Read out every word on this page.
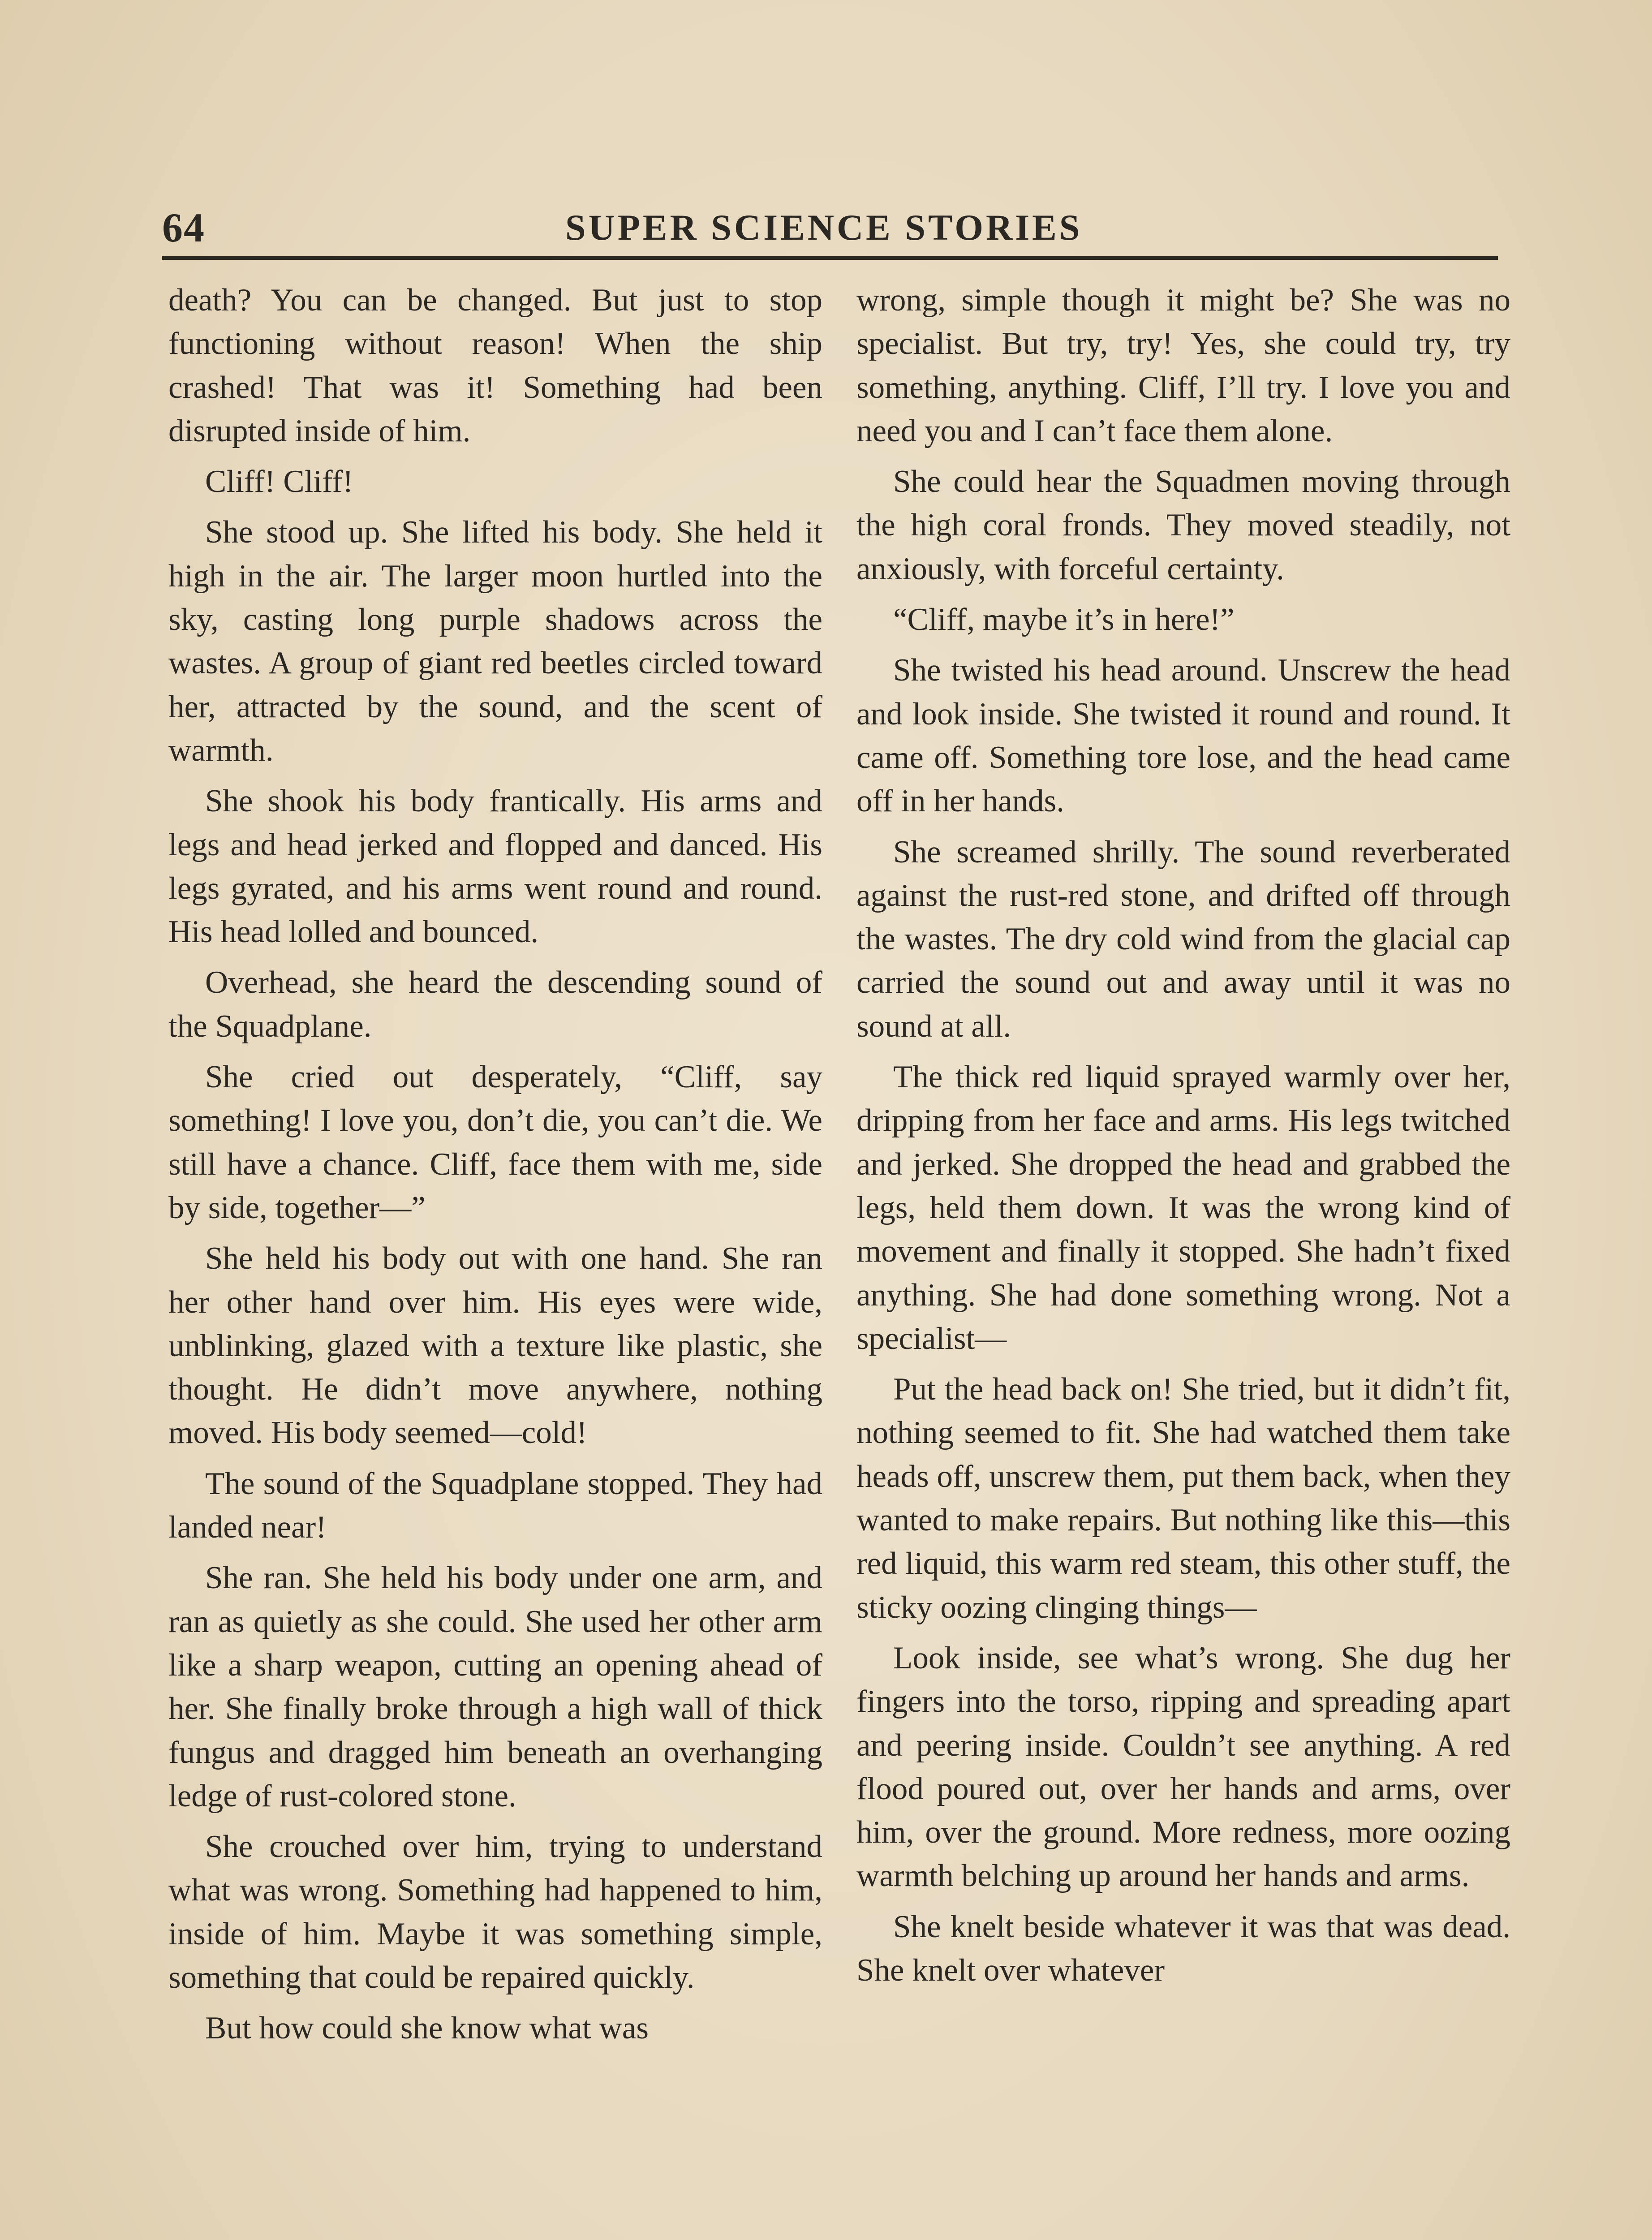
64	SUPER SCIENCE STORIES

death? You can be changed. But just to stop functioning without reason! When the ship crashed! That was it! Something had been disrupted inside of him.

Cliff! Cliff!

She stood up. She lifted his body. She held it high in the air. The larger moon hurtled into the sky, casting long purple shadows across the wastes. A group of giant red beetles circled toward her, attracted by the sound, and the scent of warmth.

She shook his body frantically. His arms and legs and head jerked and flopped and danced. His legs gyrated, and his arms went round and round. His head lolled and bounced.

Overhead, she heard the descending sound of the Squadplane.

She cried out desperately, “Cliff, say something! I love you, don’t die, you can’t die. We still have a chance. Cliff, face them with me, side by side, together—”

She held his body out with one hand. She ran her other hand over him. His eyes were wide, unblinking, glazed with a texture like plastic, she thought. He didn’t move anywhere, nothing moved. His body seemed—cold!

The sound of the Squadplane stopped. They had landed near!

She ran. She held his body under one arm, and ran as quietly as she could. She used her other arm like a sharp weapon, cutting an opening ahead of her. She finally broke through a high wall of thick fungus and dragged him beneath an overhanging ledge of rust-colored stone.

She crouched over him, trying to understand what was wrong. Something had happened to him, inside of him. Maybe it was something simple, something that could be repaired quickly.

But how could she know what was

wrong, simple though it might be? She was no specialist. But try, try! Yes, she could try, try something, anything. Cliff, I’ll try. I love you and need you and I can’t face them alone.

She could hear the Squadmen moving through the high coral fronds. They moved steadily, not anxiously, with forceful certainty.

“Cliff, maybe it’s in here!”

She twisted his head around. Unscrew the head and look inside. She twisted it round and round. It came off. Something tore lose, and the head came off in her hands.

She screamed shrilly. The sound reverberated against the rust-red stone, and drifted off through the wastes. The dry cold wind from the glacial cap carried the sound out and away until it was no sound at all.

The thick red liquid sprayed warmly over her, dripping from her face and arms. His legs twitched and jerked. She dropped the head and grabbed the legs, held them down. It was the wrong kind of movement and finally it stopped. She hadn’t fixed anything. She had done something wrong. Not a specialist—

Put the head back on! She tried, but it didn’t fit, nothing seemed to fit. She had watched them take heads off, unscrew them, put them back, when they wanted to make repairs. But nothing like this—this red liquid, this warm red steam, this other stuff, the sticky oozing clinging things—

Look inside, see what’s wrong. She dug her fingers into the torso, ripping and spreading apart and peering inside. Couldn’t see anything. A red flood poured out, over her hands and arms, over him, over the ground. More redness, more oozing warmth belching up around her hands and arms.

She knelt beside whatever it was that was dead. She knelt over whatever
